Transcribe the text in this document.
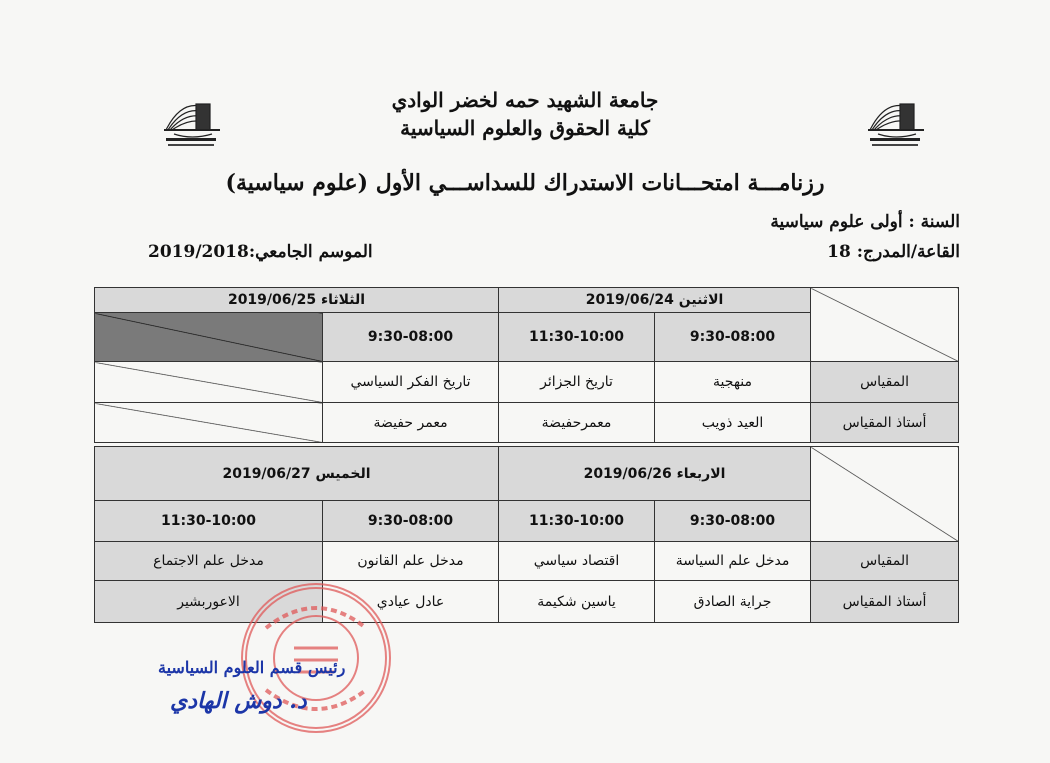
جامعة الشهيد حمه لخضر الوادي
كلية الحقوق والعلوم السياسية
رزنامـــة امتحـــانات الاستدراك للسداســـي الأول (علوم سياسية)
السنة : أولى علوم سياسية
القاعة/المدرج: 18
الموسم الجامعي:2019/2018
	الاثنين 2019/06/24		الثلاثاء 2019/06/25	
	9:30-08:00	11:30-10:00	9:30-08:00	
المقياس	منهجية	تاريخ الجزائر	تاريخ الفكر السياسي	
أستاذ المقياس	العيد ذويب	معمرحفيضة	معمر حفيضة	
	الاربعاء 2019/06/26		الخميس 2019/06/27	
	9:30-08:00	11:30-10:00	9:30-08:00	11:30-10:00
المقياس	مدخل علم السياسة	اقتصاد سياسي	مدخل علم القانون	مدخل علم الاجتماع
أستاذ المقياس	جراية الصادق	ياسين شكيمة	عادل عيادي	الاعوربشير
رئيس قسم العلوم السياسية
د. دوش الهادي
